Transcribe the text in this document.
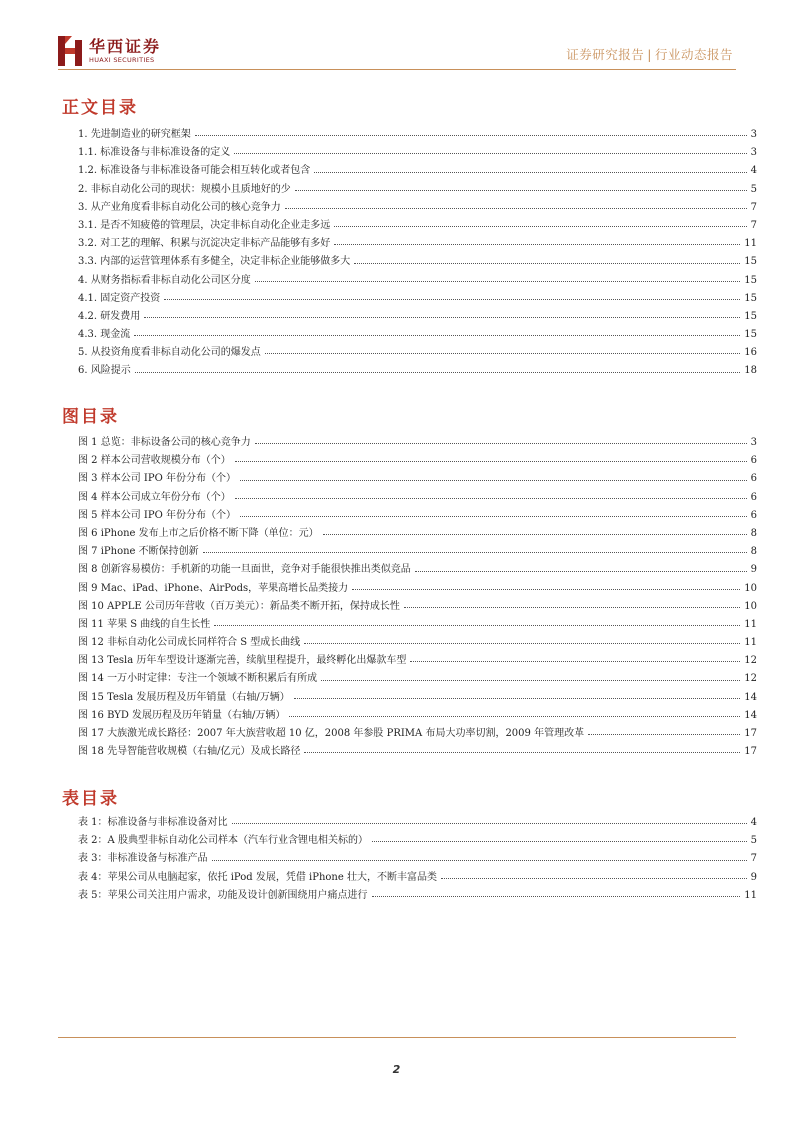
华西证券
HUAXI SECURITIES	证券研究报告 | 行业动态报告
正文目录
1. 先进制造业的研究框架	3
1.1. 标准设备与非标准设备的定义	3
1.2. 标准设备与非标准设备可能会相互转化或者包含	4
2. 非标自动化公司的现状：规模小且质地好的少	5
3. 从产业角度看非标自动化公司的核心竞争力	7
3.1. 是否不知疲倦的管理层，决定非标自动化企业走多远	7
3.2. 对工艺的理解、积累与沉淀决定非标产品能够有多好	11
3.3. 内部的运营管理体系有多健全，决定非标企业能够做多大	15
4. 从财务指标看非标自动化公司区分度	15
4.1. 固定资产投资	15
4.2. 研发费用	15
4.3. 现金流	15
5. 从投资角度看非标自动化公司的爆发点	16
6. 风险提示	18
图目录
图 1 总览：非标设备公司的核心竞争力	3
图 2 样本公司营收规模分布（个）	6
图 3 样本公司 IPO 年份分布（个）	6
图 4 样本公司成立年份分布（个）	6
图 5 样本公司 IPO 年份分布（个）	6
图 6 iPhone 发布上市之后价格不断下降（单位：元）	8
图 7 iPhone 不断保持创新	8
图 8 创新容易模仿：手机新的功能一旦面世，竞争对手能很快推出类似竞品	9
图 9 Mac、iPad、iPhone、AirPods，苹果高增长品类接力	10
图 10 APPLE 公司历年营收（百万美元）：新品类不断开拓，保持成长性	10
图 11 苹果 S 曲线的自生长性	11
图 12 非标自动化公司成长同样符合 S 型成长曲线	11
图 13 Tesla 历年车型设计逐渐完善，续航里程提升，最终孵化出爆款车型	12
图 14 一万小时定律：专注一个领域不断积累后有所成	12
图 15 Tesla 发展历程及历年销量（右轴/万辆）	14
图 16 BYD 发展历程及历年销量（右轴/万辆）	14
图 17 大族激光成长路径：2007 年大族营收超 10 亿，2008 年参股 PRIMA 布局大功率切割，2009 年管理改革	17
图 18 先导智能营收规模（右轴/亿元）及成长路径	17
表目录
表 1：标准设备与非标准设备对比	4
表 2：A 股典型非标自动化公司样本（汽车行业含锂电相关标的）	5
表 3：非标准设备与标准产品	7
表 4：苹果公司从电脑起家，依托 iPod 发展，凭借 iPhone 壮大，不断丰富品类	9
表 5：苹果公司关注用户需求，功能及设计创新围绕用户痛点进行	11
2
